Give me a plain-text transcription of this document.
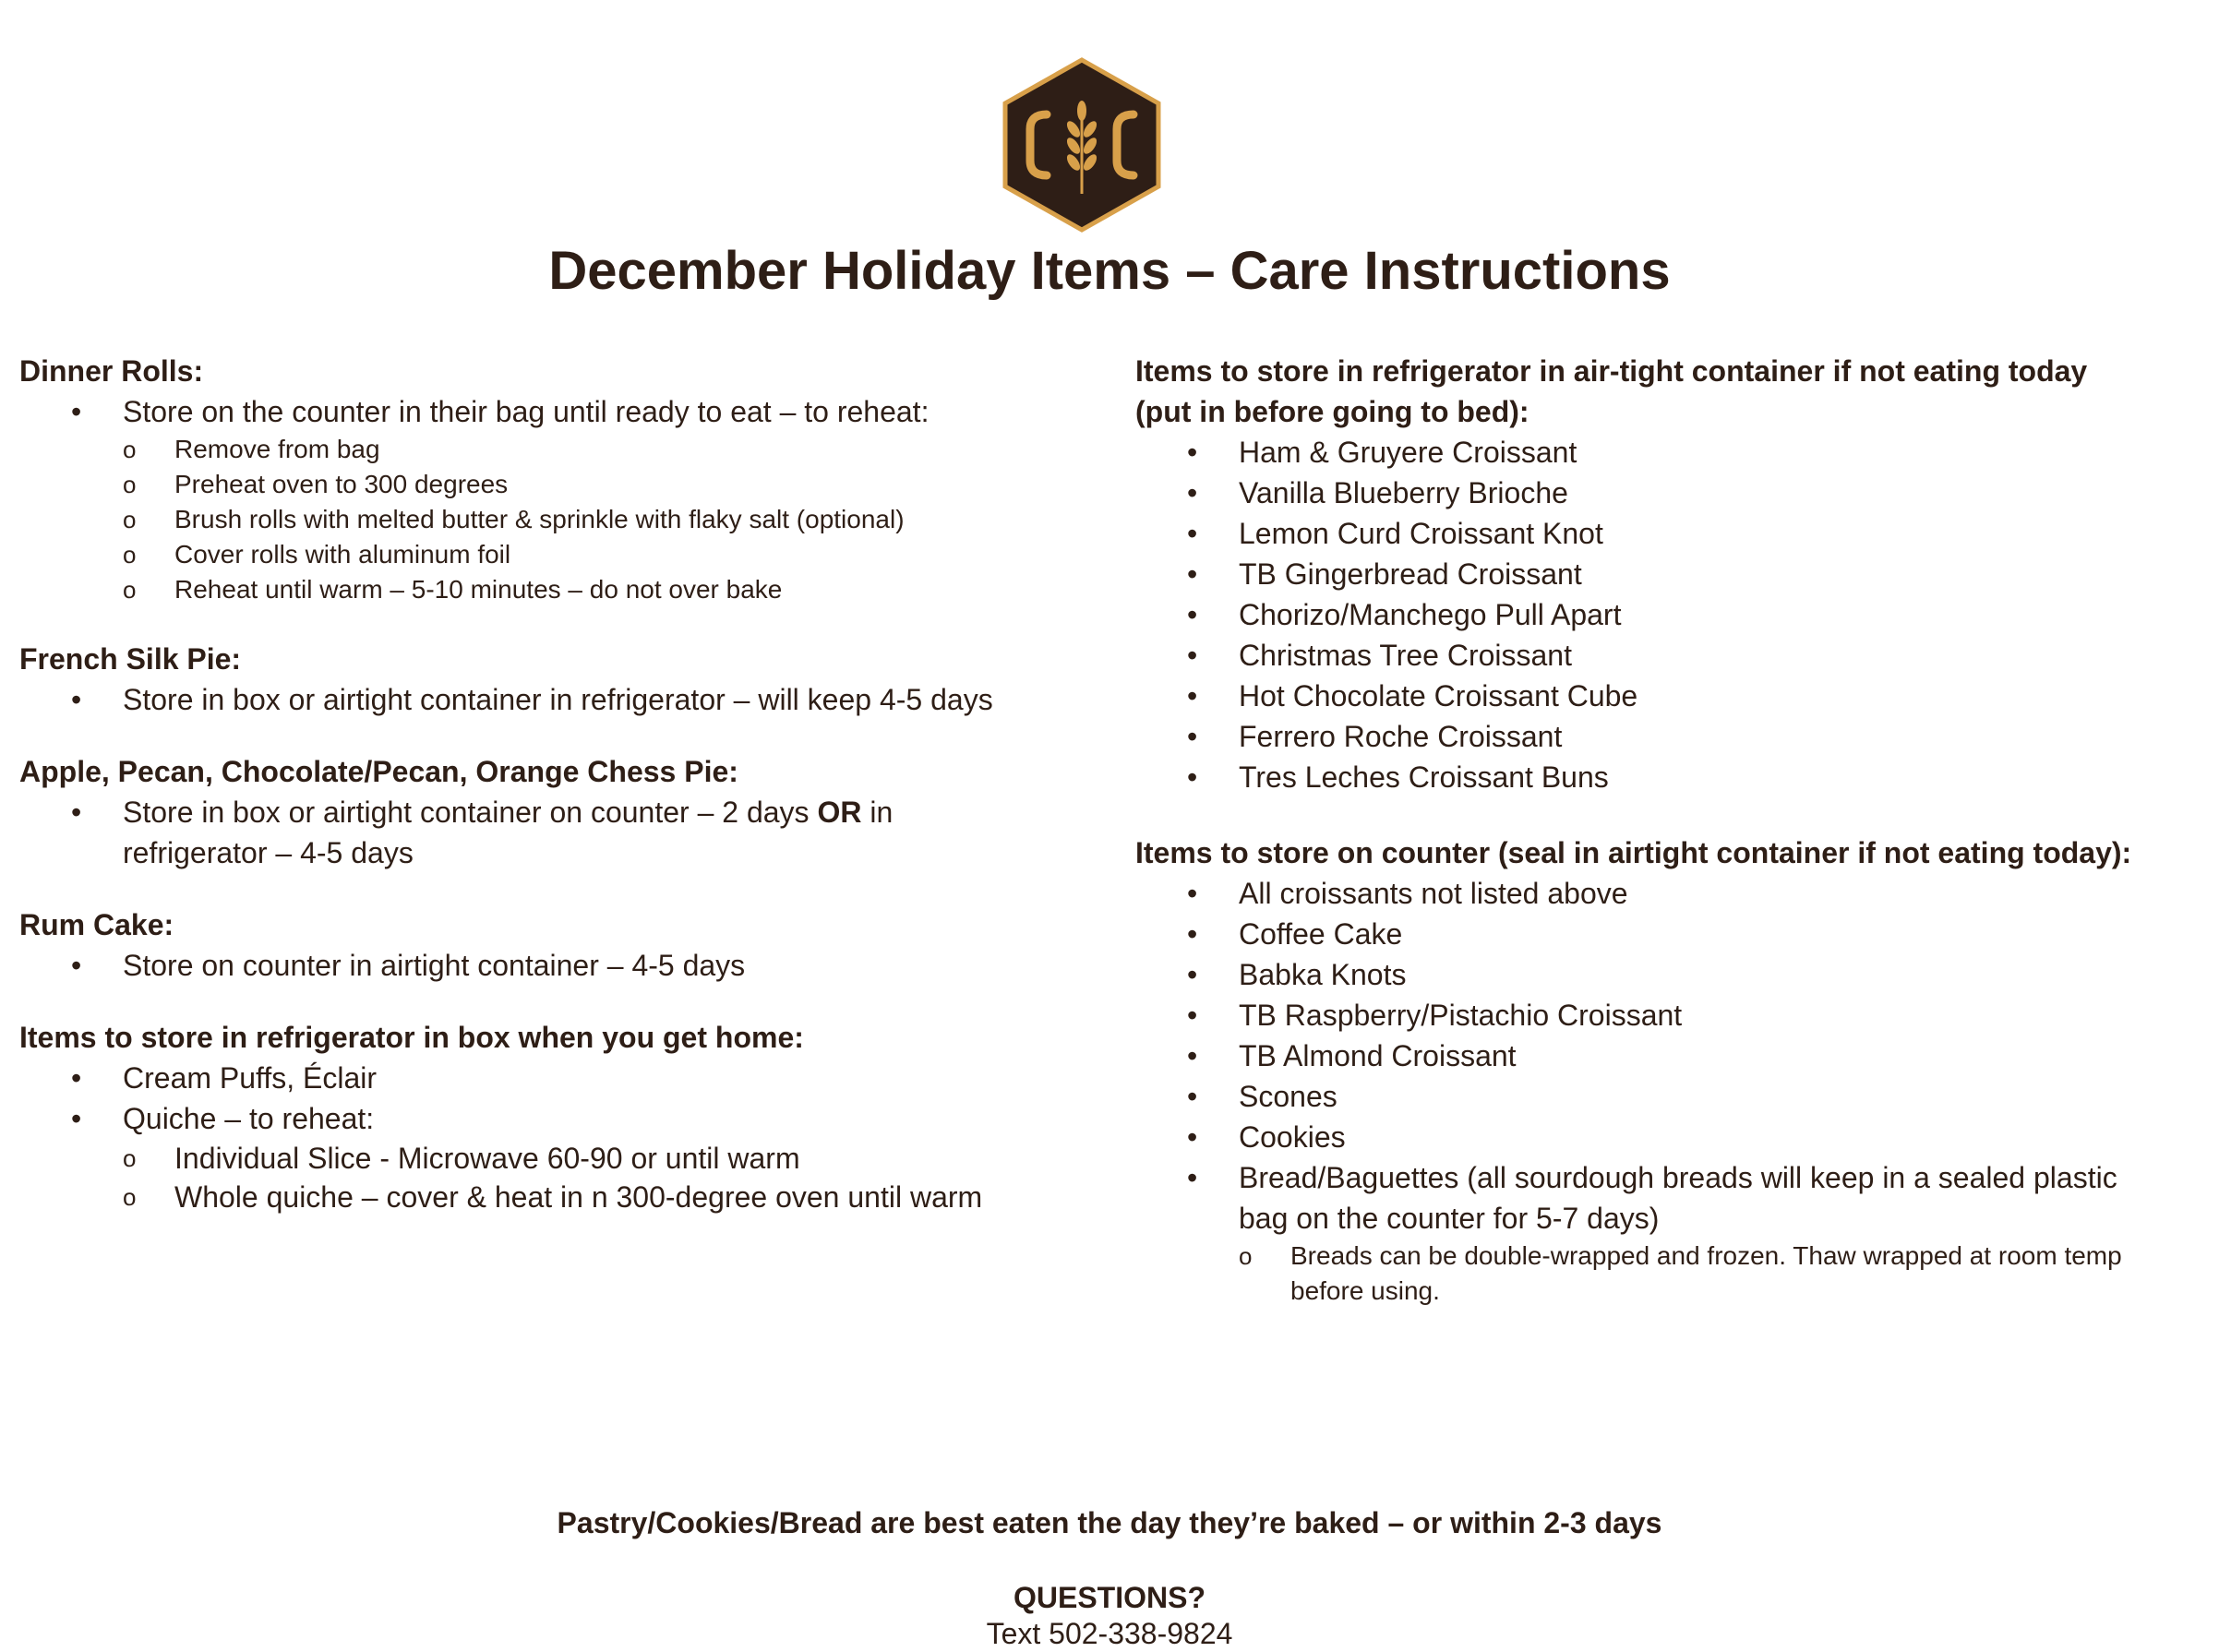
December Holiday Items – Care Instructions
Dinner Rolls:
• Store on the counter in their bag until ready to eat – to reheat:
o Remove from bag
o Preheat oven to 300 degrees
o Brush rolls with melted butter & sprinkle with flaky salt (optional)
o Cover rolls with aluminum foil
o Reheat until warm – 5-10 minutes – do not over bake
French Silk Pie:
• Store in box or airtight container in refrigerator – will keep 4-5 days
Apple, Pecan, Chocolate/Pecan, Orange Chess Pie:
• Store in box or airtight container on counter – 2 days OR in refrigerator – 4-5 days
Rum Cake:
• Store on counter in airtight container – 4-5 days
Items to store in refrigerator in box when you get home:
• Cream Puffs, Éclair
• Quiche – to reheat:
o Individual Slice - Microwave 60-90 or until warm
o Whole quiche – cover & heat in n 300-degree oven until warm
Items to store in refrigerator in air-tight container if not eating today (put in before going to bed):
• Ham & Gruyere Croissant
• Vanilla Blueberry Brioche
• Lemon Curd Croissant Knot
• TB Gingerbread Croissant
• Chorizo/Manchego Pull Apart
• Christmas Tree Croissant
• Hot Chocolate Croissant Cube
• Ferrero Roche Croissant
• Tres Leches Croissant Buns
Items to store on counter (seal in airtight container if not eating today):
• All croissants not listed above
• Coffee Cake
• Babka Knots
• TB Raspberry/Pistachio Croissant
• TB Almond Croissant
• Scones
• Cookies
• Bread/Baguettes (all sourdough breads will keep in a sealed plastic bag on the counter for 5-7 days)
o Breads can be double-wrapped and frozen. Thaw wrapped at room temp before using.
Pastry/Cookies/Bread are best eaten the day they’re baked – or within 2-3 days
QUESTIONS?
Text 502-338-9824
